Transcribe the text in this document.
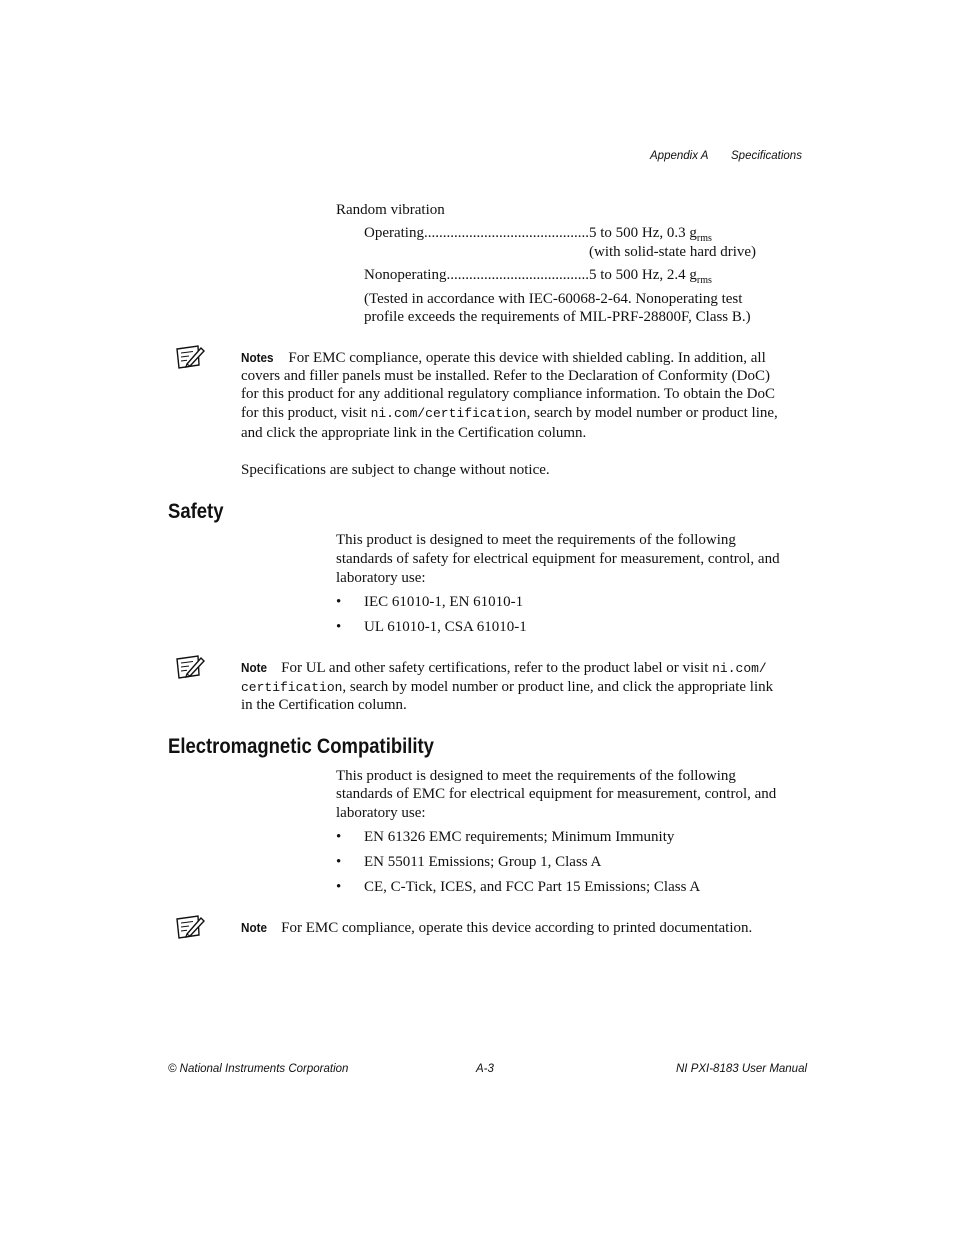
Appendix A Specifications
Random vibration
Operating .....	5 to 500 Hz, 0.3 $g_{rms}$
(with solid-state hard drive)
Nonoperating .....	5 to 500 Hz, 2.4 $g_{rms}$
(Tested in accordance with IEC-60068-2-64. Nonoperating test
profile exceeds the requirements of MIL-PRF-28800F, Class B.)
Notes For EMC compliance, operate this device with shielded cabling. In addition, all
covers and filler panels must be installed. Refer to the Declaration of Conformity (DoC)
for this product for any additional regulatory compliance information. To obtain the DoC
for this product, visit ni.com/certification, search by model number or product line,
and click the appropriate link in the Certification column.
Specifications are subject to change without notice.
Safety
This product is designed to meet the requirements of the following
standards of safety for electrical equipment for measurement, control, and
laboratory use:
• IEC 61010-1, EN 61010-1
• UL 61010-1, CSA 61010-1
Note For UL and other safety certifications, refer to the product label or visit ni.com/
certification, search by model number or product line, and click the appropriate link
in the Certification column.
Electromagnetic Compatibility
This product is designed to meet the requirements of the following
standards of EMC for electrical equipment for measurement, control, and
laboratory use:
• EN 61326 EMC requirements; Minimum Immunity
• EN 55011 Emissions; Group 1, Class A
• CE, C-Tick, ICES, and FCC Part 15 Emissions; Class A
Note For EMC compliance, operate this device according to printed documentation.
© National Instruments Corporation	A-3	NI PXI-8183 User Manual
